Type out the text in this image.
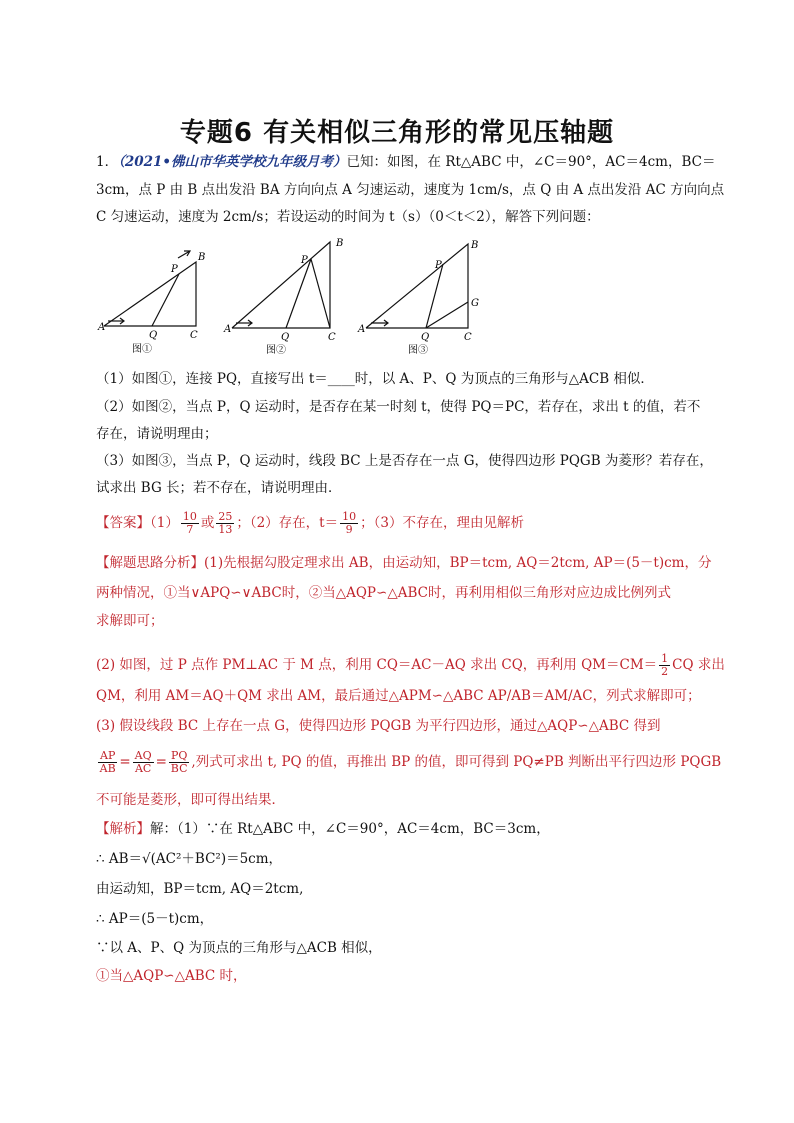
专题6 有关相似三角形的常见压轴题
1．（2021•佛山市华英学校九年级月考）已知：如图，在 Rt△ABC 中，∠C＝90°，AC＝4cm，BC＝
3cm，点 P 由 B 点出发沿 BA 方向向点 A 匀速运动，速度为 1cm/s，点 Q 由 A 点出发沿 AC 方向向点
C 匀速运动，速度为 2cm/s；若设运动的时间为 t（s）（0＜t＜2），解答下列问题：
B
P
A
Q	C
图①
B
P
A
Q	C
图②
B
P
G
A
Q	C
图③
（1）如图①，连接 PQ，直接写出 t＝____时，以 A、P、Q 为顶点的三角形与△ACB 相似．
（2）如图②，当点 P，Q 运动时，是否存在某一时刻 t，使得 PQ＝PC，若存在，求出 t 的值，若不
存在，请说明理由；
（3）如图③，当点 P，Q 运动时，线段 BC 上是否存在一点 G，使得四边形 PQGB 为菱形？若存在，
试求出 BG 长；若不存在，请说明理由．
【答案】$(1) \frac{10}{7}$ 或 $\frac{25}{13}$ ；（2）存在，$t= \frac{10}{9}$ ；（3）不存在，理由见解析
【解题思路分析】(1)先根据勾股定理求出 AB，由运动知，BP＝tcm, AQ＝2tcm, AP＝(5－t)cm，分
两种情况，①当∨APQ∽∨ABC时，②当△AQP∽△ABC时，再利用相似三角形对应边成比例列式
求解即可；
(2) 如图，过 P 点作 PM⊥AC 于 M 点，利用 CQ＝AC－AQ 求出 CQ，再利用 $QM=CM= \frac{1}{2}$ CQ 求出
QM，利用 AM＝AQ＋QM 求出 AM，最后通过△APM∽△ABC AP/AB＝AM/AC，列式求解即可；
(3) 假设线段 BC 上存在一点 G，使得四边形 PQGB 为平行四边形，通过△AQP∽△ABC 得到
$\frac{AP}{AB} = \frac{AQ}{AC} = \frac{PQ}{BC}$ ,列式可求出 t, PQ 的值，再推出 BP 的值，即可得到 PQ≠PB 判断出平行四边形 PQGB
不可能是菱形，即可得出结果．
【解析】解：（1）∵在 Rt△ABC 中，∠C＝90°，AC＝4cm，BC＝3cm，
∴ AB＝√(AC²＋BC²)＝5cm，
由运动知，BP＝tcm, AQ＝2tcm,
∴ AP＝(5－t)cm，
∵以 A、P、Q 为顶点的三角形与△ACB 相似，
①当△AQP∽△ABC 时，
